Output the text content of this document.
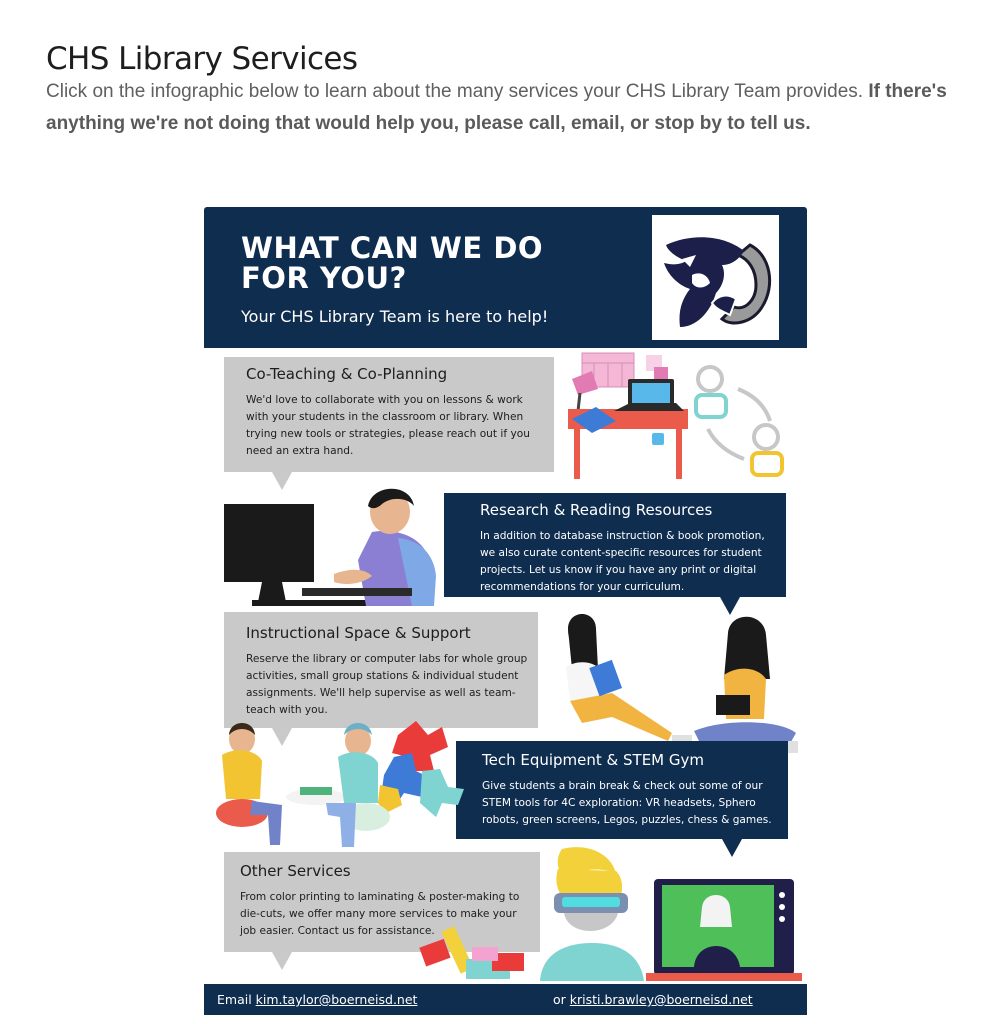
CHS Library Services

Click on the infographic below to learn about the many services your CHS Library Team provides. If there's anything we're not doing that would help you, please call, email, or stop by to tell us.

WHAT CAN WE DO
FOR YOU?
Your CHS Library Team is here to help!
Co-Teaching & Co-Planning
We'd love to collaborate with you on lessons & work with your students in the classroom or library. When trying new tools or strategies, please reach out if you need an extra hand.
Research & Reading Resources
In addition to database instruction & book promotion, we also curate content-specific resources for student projects. Let us know if you have any print or digital recommendations for your curriculum.
Instructional Space & Support
Reserve the library or computer labs for whole group activities, small group stations & individual student assignments. We'll help supervise as well as team-teach with you.
Tech Equipment & STEM Gym
Give students a brain break & check out some of our STEM tools for 4C exploration: VR headsets, Sphero robots, green screens, Legos, puzzles, chess & games.
Other Services
From color printing to laminating & poster-making to die-cuts, we offer many more services to make your job easier. Contact us for assistance.
Email kim.taylor@boerneisd.net	or kristi.brawley@boerneisd.net
